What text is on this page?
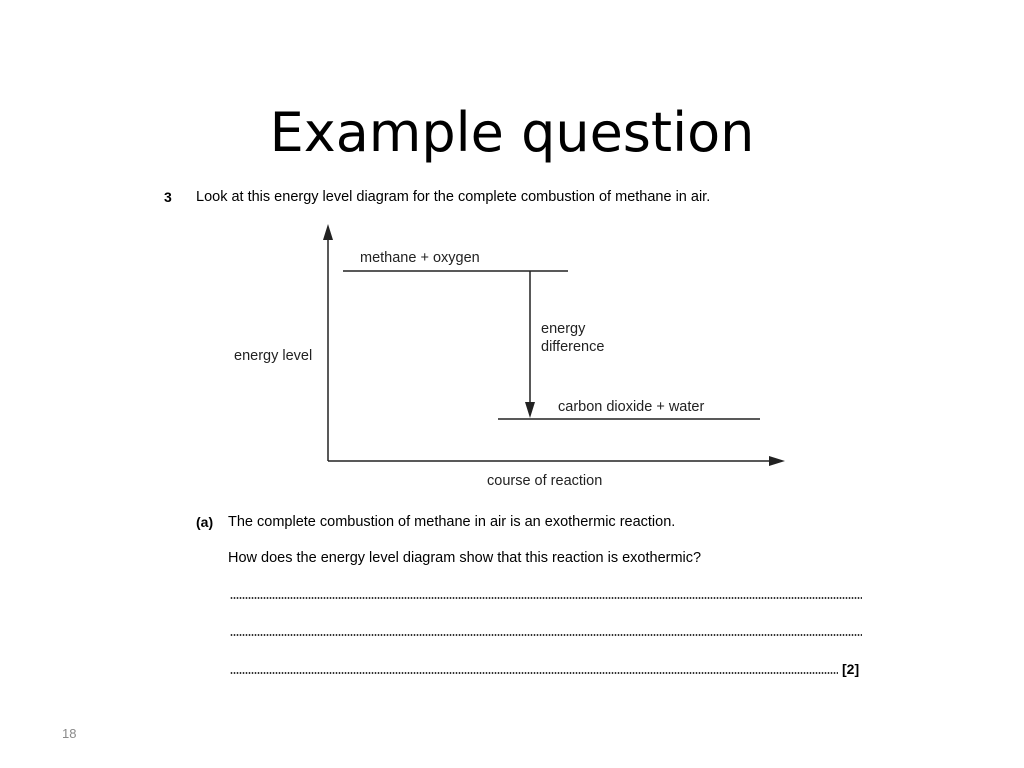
Example question
3 Look at this energy level diagram for the complete combustion of methane in air.
methane + oxygen
carbon dioxide + water
energy
difference
energy level
course of reaction
(a) The complete combustion of methane in air is an exothermic reaction.
How does the energy level diagram show that this reaction is exothermic?
[2]
18
